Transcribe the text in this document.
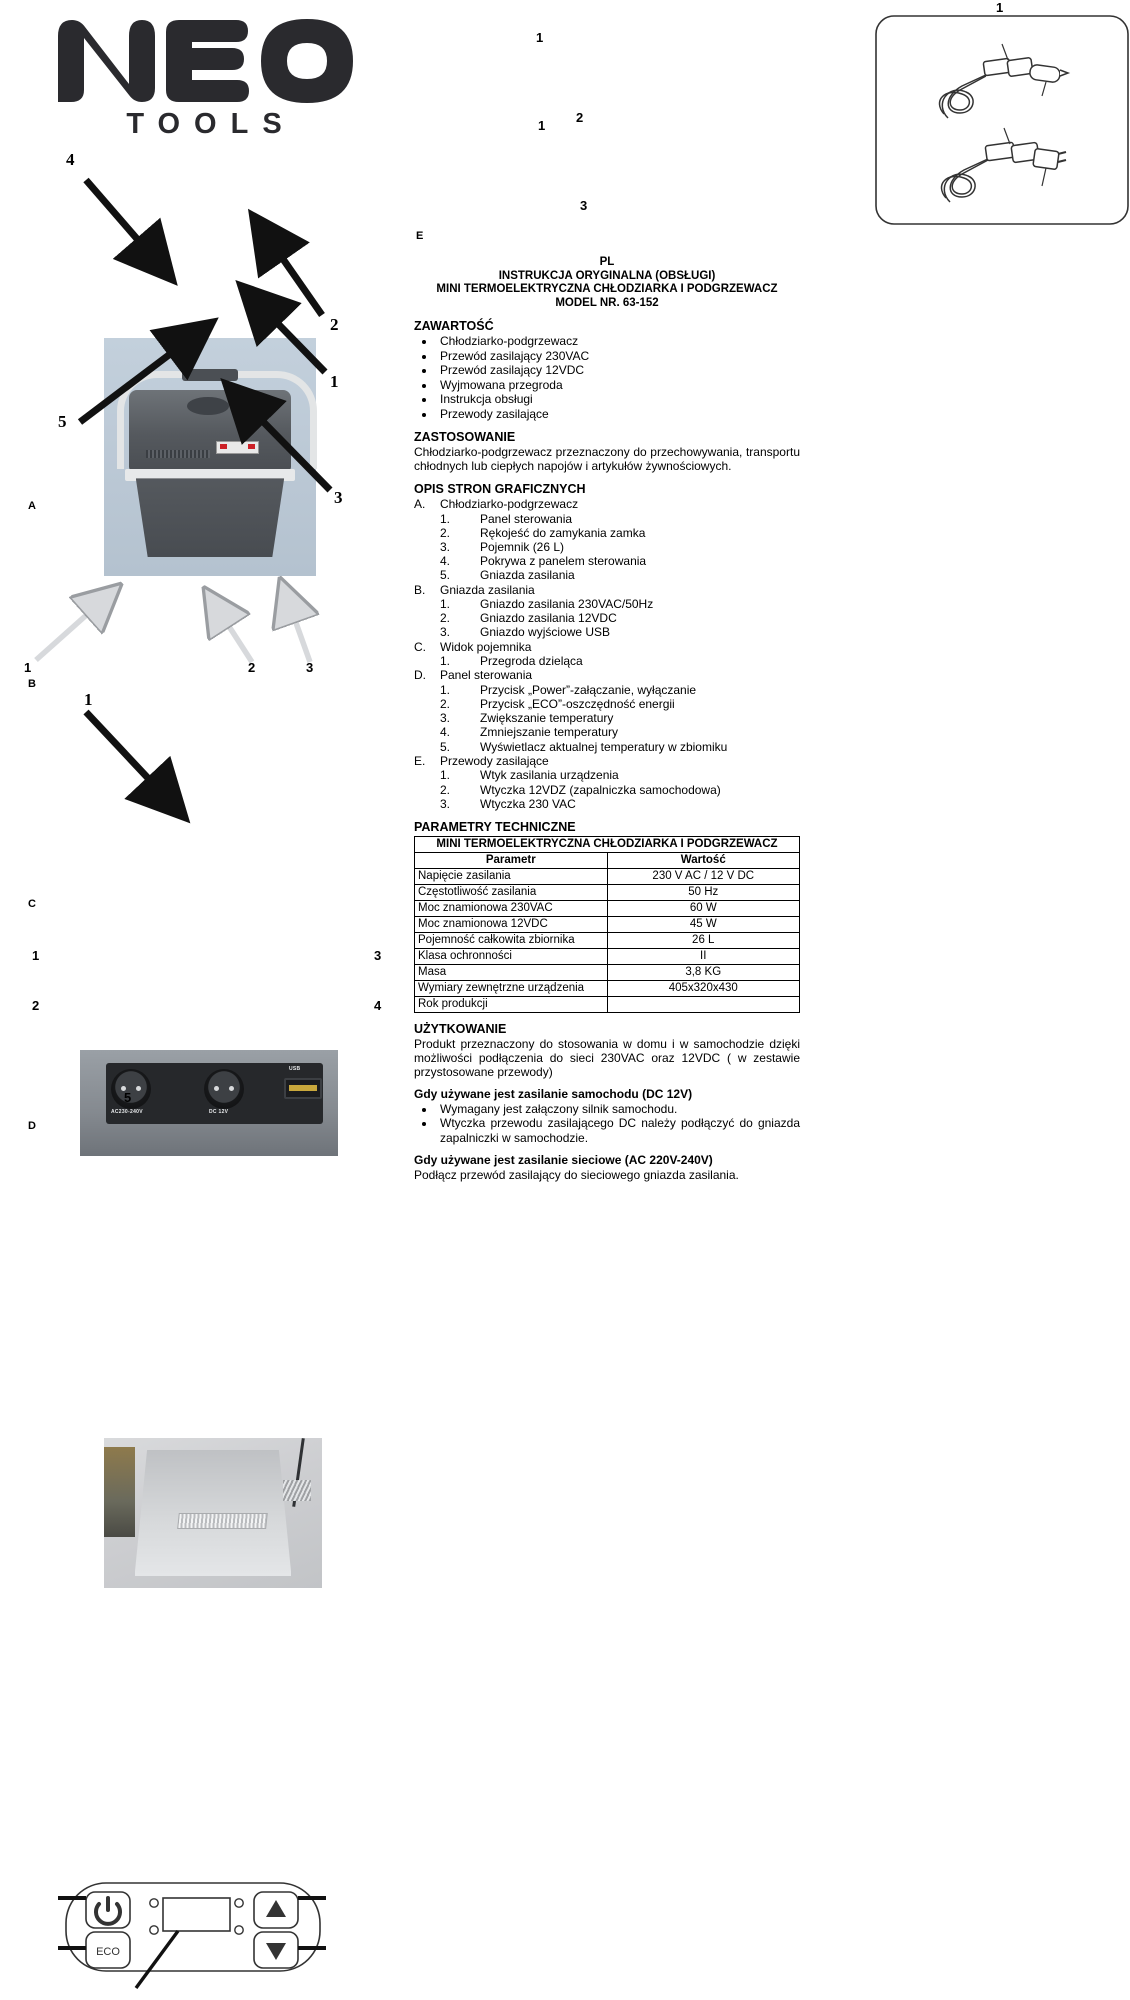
TOOLS
4
2
1
3
5
A
AC230-240V	DC 12V
USB
1	2	3
B
1
C
ECO
1
2
3
4
5
D
1
1
2
1
3
E
PL
INSTRUKCJA ORYGINALNA (OBSŁUGI)
MINI TERMOELEKTRYCZNA CHŁODZIARKA I PODGRZEWACZ
MODEL NR. 63-152
ZAWARTOŚĆ
• Chłodziarko-podgrzewacz
• Przewód zasilający 230VAC
• Przewód zasilający 12VDC
• Wyjmowana przegroda
• Instrukcja obsługi
• Przewody zasilające
ZASTOSOWANIE

Chłodziarko-podgrzewacz przeznaczony do przechowywania, transportu chłodnych lub ciepłych napojów i artykułów żywnościowych.

OPIS STRON GRAFICZNYCH
A.	Chłodziarko-podgrzewacz
1.	Panel sterowania
2.	Rękojeść do zamykania zamka
3.	Pojemnik (26 L)
4.	Pokrywa z panelem sterowania
5.	Gniazda zasilania
B.	Gniazda zasilania
1.	Gniazdo zasilania 230VAC/50Hz
2.	Gniazdo zasilania 12VDC
3.	Gniazdo wyjściowe USB
C.	Widok pojemnika
1.	Przegroda dzieląca
D.	Panel sterowania
1.	Przycisk „Power”-załączanie, wyłączanie
2.	Przycisk „ECO”-oszczędność energii
3.	Zwiększanie temperatury
4.	Zmniejszanie temperatury
5.	Wyświetlacz aktualnej temperatury w zbiomiku
E.	Przewody zasilające
1.	Wtyk zasilania urządzenia
2.	Wtyczka 12VDZ (zapalniczka samochodowa)
3.	Wtyczka 230 VAC
PARAMETRY TECHNICZNE
MINI TERMOELEKTRYCZNA CHŁODZIARKA I PODGRZEWACZ	
Parametr	Wartość
Napięcie zasilania	230 V AC / 12 V DC
Częstotliwość zasilania	50 Hz
Moc znamionowa 230VAC	60 W
Moc znamionowa 12VDC	45 W
Pojemność całkowita zbiornika	26 L
Klasa ochronności	II
Masa	3,8 KG
Wymiary zewnętrzne urządzenia	405x320x430
Rok produkcji	
UŻYTKOWANIE

Produkt przeznaczony do stosowania w domu i w samochodzie dzięki możliwości podłączenia do sieci 230VAC oraz 12VDC ( w zestawie przystosowane przewody)

Gdy używane jest zasilanie samochodu (DC 12V)
• Wymagany jest załączony silnik samochodu.
• Wtyczka przewodu zasilającego DC należy podłączyć do gniazda zapalniczki w samochodzie.
Gdy używane jest zasilanie sieciowe (AC 220V-240V)

Podłącz przewód zasilający do sieciowego gniazda zasilania.
